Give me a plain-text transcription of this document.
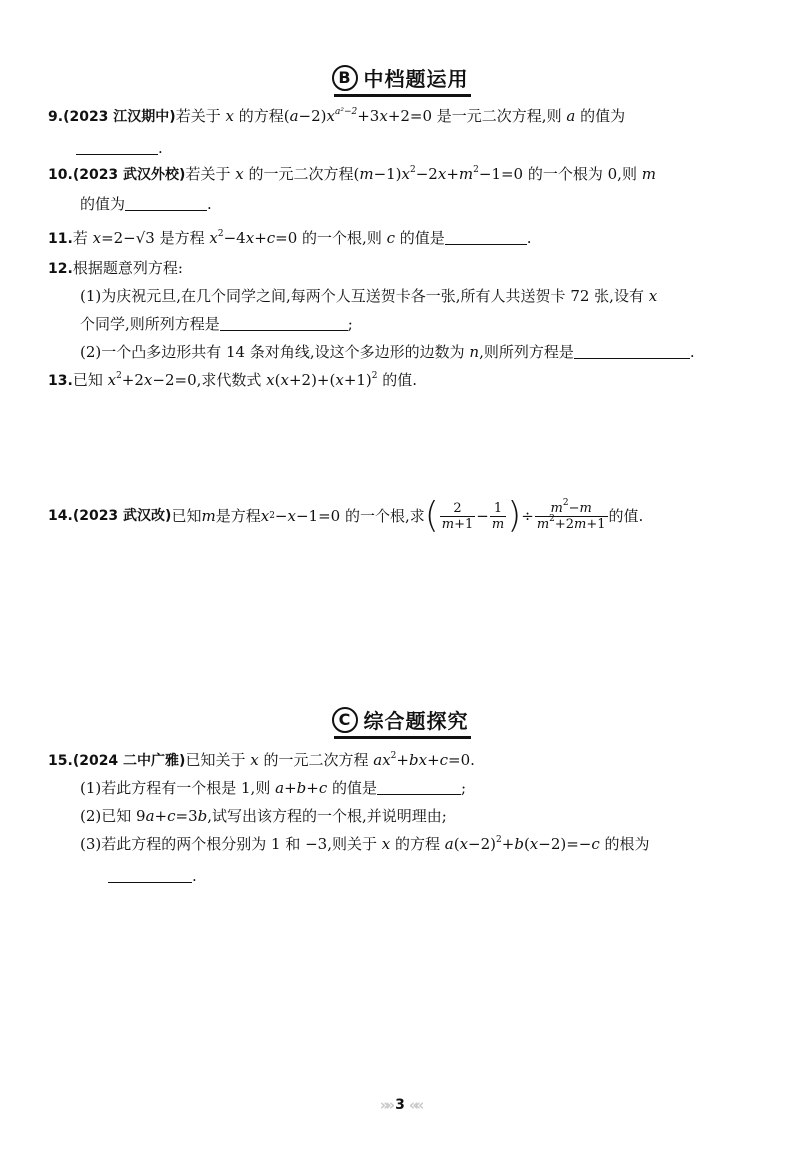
B 中档题运用
9.(2023 江汉期中)若关于 x 的方程$(a-2)x^{a^2-2}+3x+2=0$ 是一元二次方程,则 a 的值为
.
10.(2023 武汉外校)若关于 x 的一元二次方程$(m-1)x^2-2x+m^2-1=0$ 的一个根为 0,则 m
的值为	.
11.若 x=2−√3 是方程 $x^2-4x+c=0$ 的一个根,则 c 的值是	.
12.根据题意列方程:
(1)为庆祝元旦,在几个同学之间,每两个人互送贺卡各一张,所有人共送贺卡 72 张,设有 x
个同学,则所列方程是	;
(2)一个凸多边形共有 14 条对角线,设这个多边形的边数为 n,则所列方程是	.
13.已知 $x^2+2x-2=0$,求代数式 $x(x+2)+(x+1)^2$ 的值.
14. (2023 武汉改) 已知 m 是方程 x 2 − x −1=0 的一个根,求 ( $\frac{2}{m+1} - \frac{1}{m}$ ) ÷ $\frac{m^2-m}{m^2+2m+1}$ 的值.
C 综合题探究
15.(2024 二中广雅)已知关于 x 的一元二次方程 $ax^2+bx+c=0$.
(1)若此方程有一个根是 1,则 a+b+c 的值是	;
(2)已知 9a+c=3b,试写出该方程的一个根,并说明理由;
(3)若此方程的两个根分别为 1 和 −3,则关于 x 的方程 $a(x-2)^2+b(x-2)=-c$ 的根为
.
»» 3 ««
